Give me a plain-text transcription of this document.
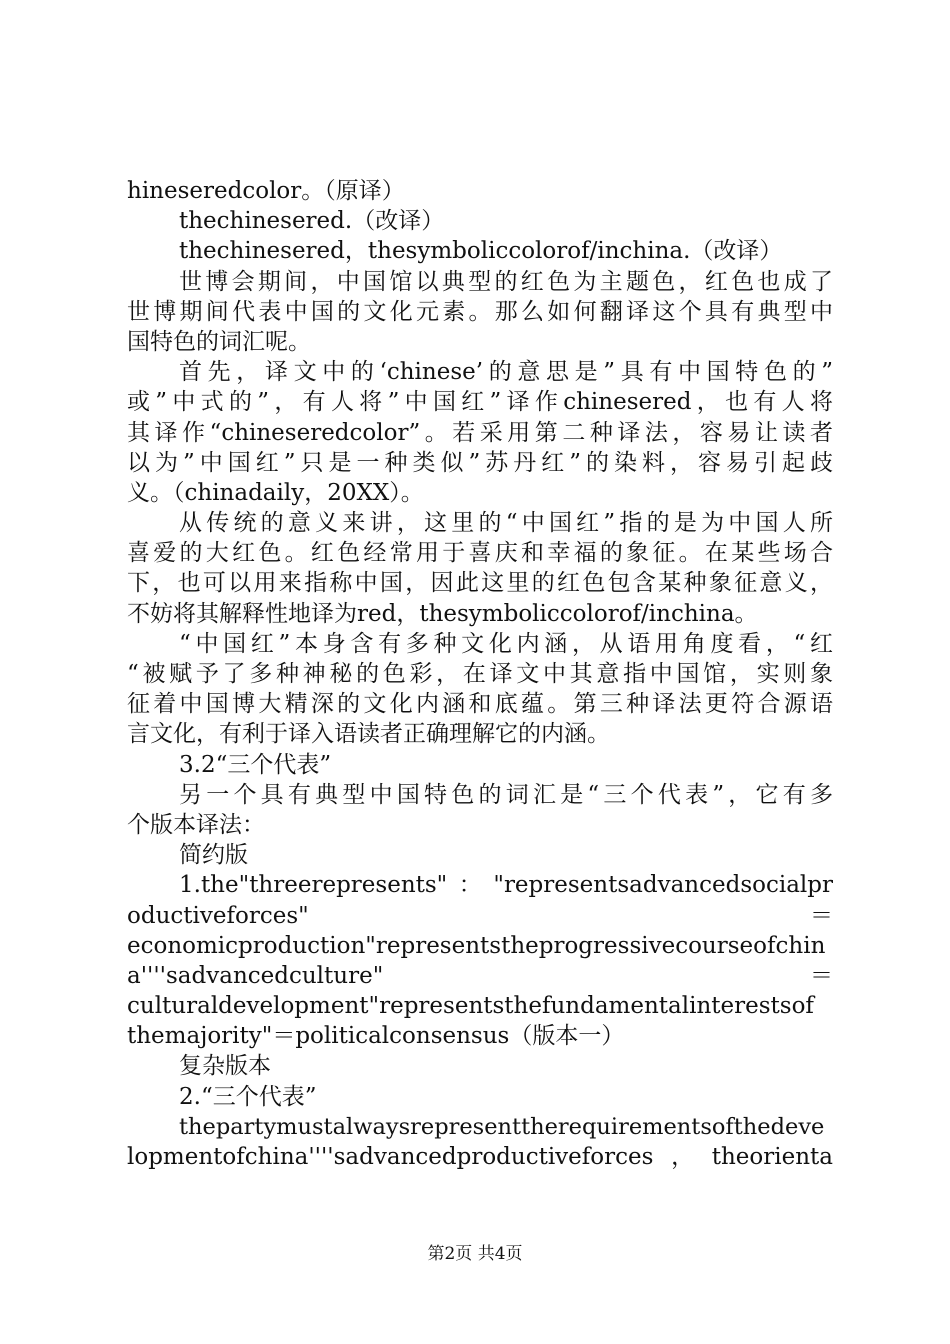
hineseredcolor。（原译）
thechinesered.（改译）
thechinesered，thesymboliccolorof/inchina.（改译）
世博会期间，中国馆以典型的红色为主题色，红色也成了
世博期间代表中国的文化元素。那么如何翻译这个具有典型中
国特色的词汇呢。
首先，译文中的‘chinese’的意思是”具有中国特色的”
或”中式的”，有人将”中国红”译作chinesered，也有人将
其译作“chineseredcolor”。若采用第二种译法，容易让读者
以为”中国红”只是一种类似”苏丹红”的染料，容易引起歧
义。（chinadaily，20XX）。
从传统的意义来讲，这里的“中国红”指的是为中国人所
喜爱的大红色。红色经常用于喜庆和幸福的象征。在某些场合
下，也可以用来指称中国，因此这里的红色包含某种象征意义，
不妨将其解释性地译为red，thesymboliccolorof/inchina。
“中国红”本身含有多种文化内涵，从语用角度看，“红
“被赋予了多种神秘的色彩，在译文中其意指中国馆，实则象
征着中国博大精深的文化内涵和底蕴。第三种译法更符合源语
言文化，有利于译入语读者正确理解它的内涵。
3.2“三个代表”
另一个具有典型中国特色的词汇是“三个代表”，它有多
个版本译法：
简约版
1.the"threerepresents"："representsadvancedsocialpr
oductiveforces"	＝
economicproduction"representstheprogressivecourseofchin
a''''sadvancedculture"	＝
culturaldevelopment"representsthefundamentalinterestsof
themajority"＝politicalconsensus（版本一）
复杂版本
2.“三个代表”
thepartymustalwaysrepresenttherequirementsofthedeve
lopmentofchina''''sadvancedproductiveforces，theorienta
第2页 共4页
